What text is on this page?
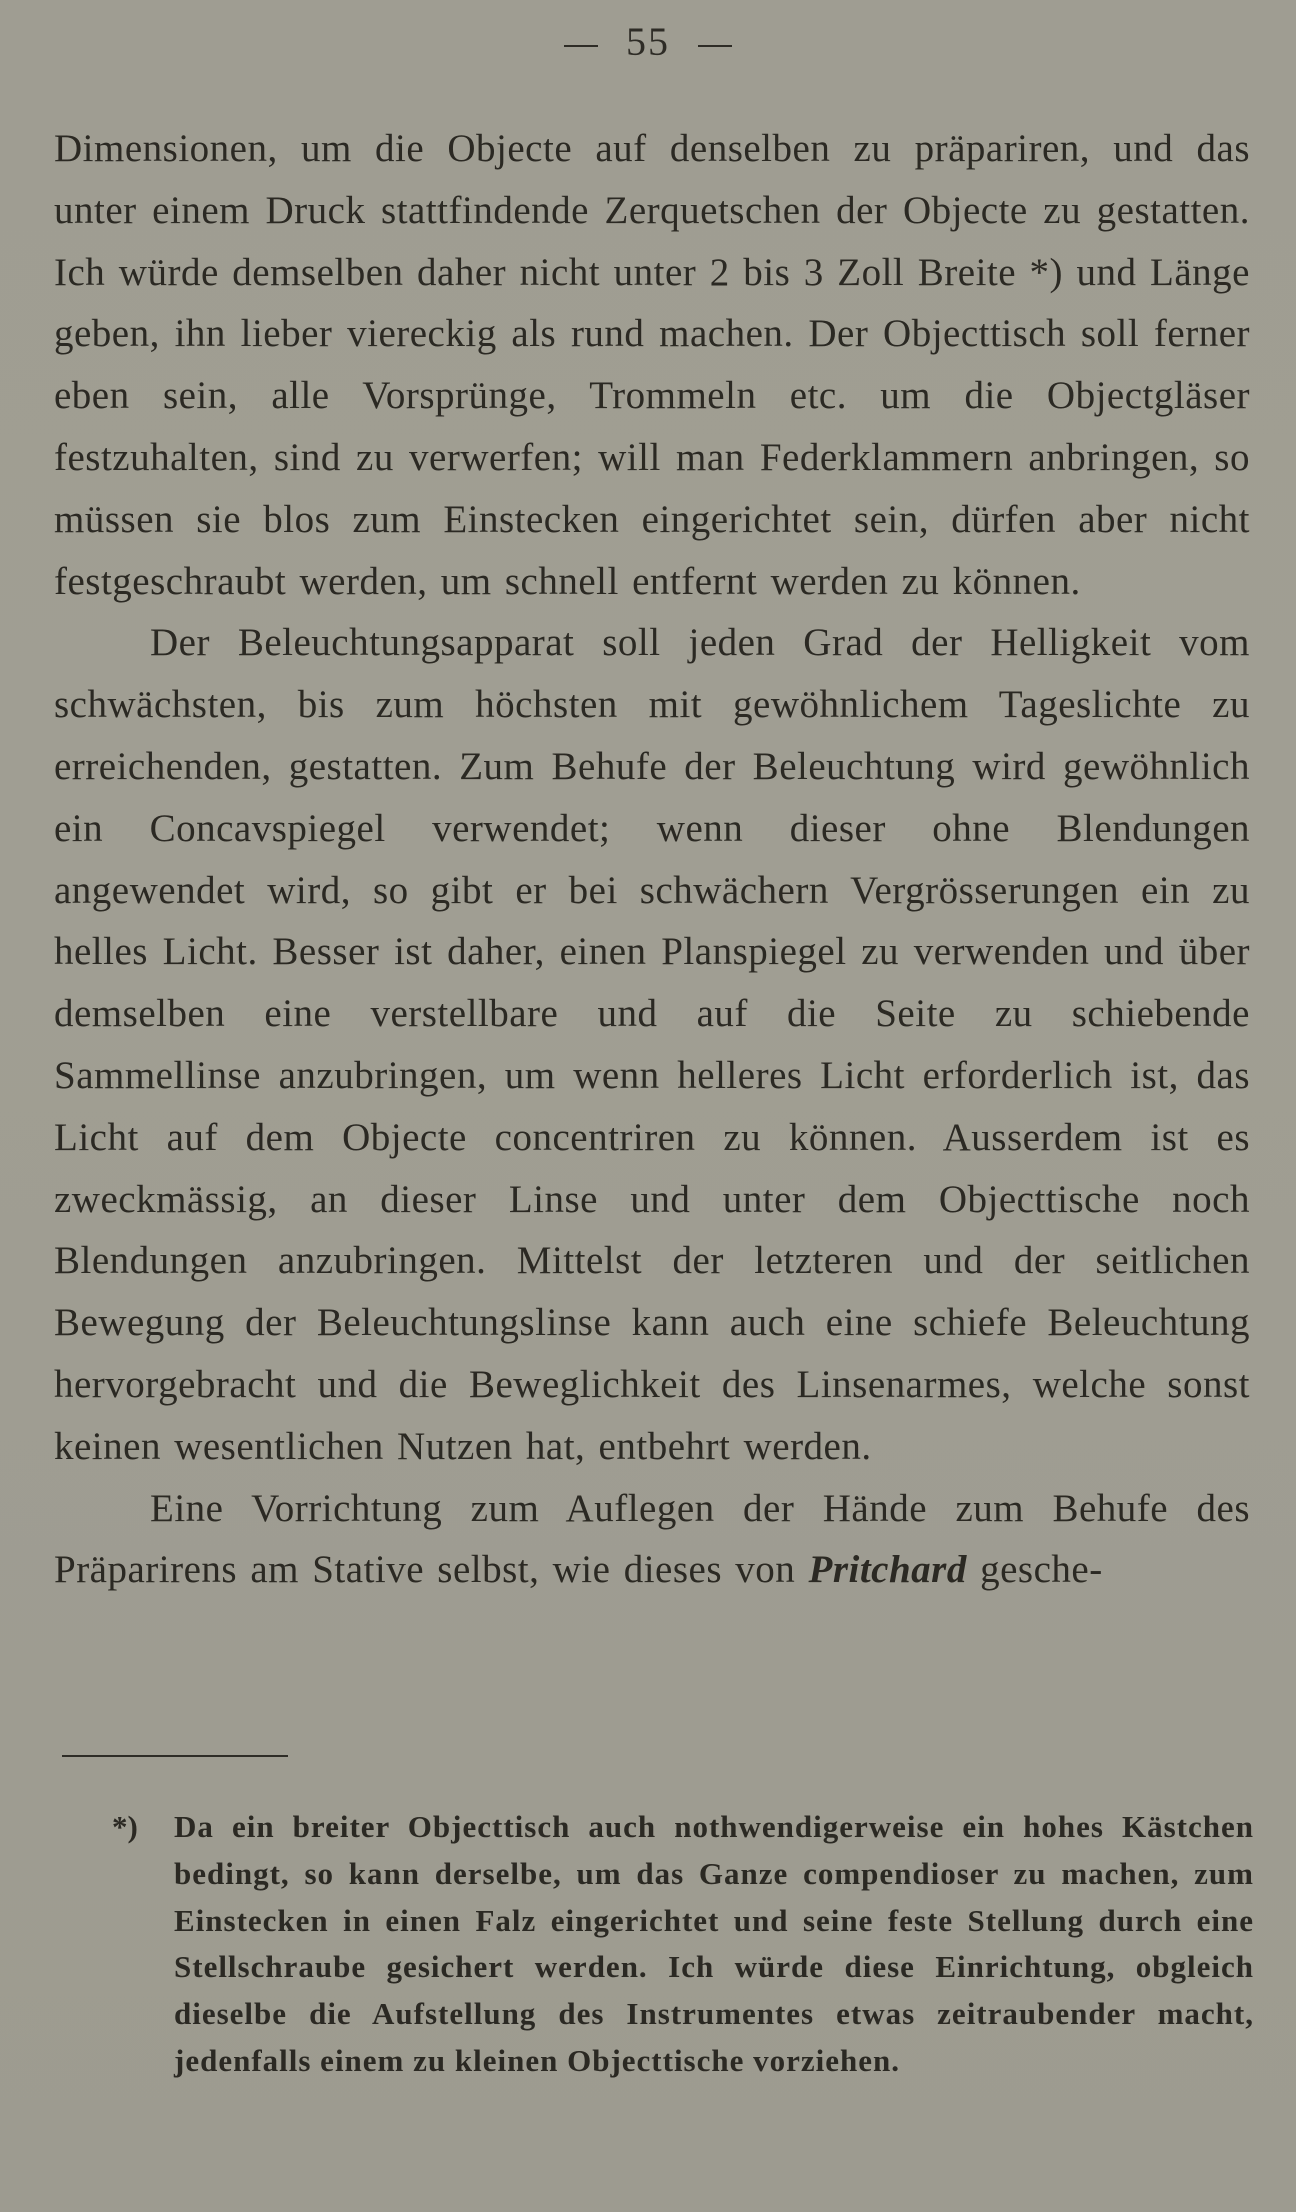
55

Dimensionen, um die Objecte auf denselben zu präpariren, und das unter einem Druck stattfindende Zerquetschen der Objecte zu gestatten. Ich würde demselben daher nicht unter 2 bis 3 Zoll Breite *) und Länge geben, ihn lieber viereckig als rund machen. Der Objecttisch soll ferner eben sein, alle Vorsprünge, Trommeln etc. um die Objectgläser festzuhalten, sind zu verwerfen; will man Federklammern anbringen, so müssen sie blos zum Einstecken eingerichtet sein, dürfen aber nicht festgeschraubt werden, um schnell entfernt werden zu können.

Der Beleuchtungsapparat soll jeden Grad der Helligkeit vom schwächsten, bis zum höchsten mit gewöhnlichem Tageslichte zu erreichenden, gestatten. Zum Behufe der Beleuchtung wird gewöhnlich ein Concavspiegel verwendet; wenn dieser ohne Blendungen angewendet wird, so gibt er bei schwächern Vergrösserungen ein zu helles Licht. Besser ist daher, einen Planspiegel zu verwenden und über demselben eine verstellbare und auf die Seite zu schiebende Sammellinse anzubringen, um wenn helleres Licht erforderlich ist, das Licht auf dem Objecte concentriren zu können. Ausserdem ist es zweckmässig, an dieser Linse und unter dem Objecttische noch Blendungen anzubringen. Mittelst der letzteren und der seitlichen Bewegung der Beleuchtungslinse kann auch eine schiefe Beleuchtung hervorgebracht und die Beweglichkeit des Linsenarmes, welche sonst keinen wesentlichen Nutzen hat, entbehrt werden.

Eine Vorrichtung zum Auflegen der Hände zum Behufe des Präparirens am Stative selbst, wie dieses von Pritchard gesche-

*) Da ein breiter Objecttisch auch nothwendigerweise ein hohes Kästchen bedingt, so kann derselbe, um das Ganze compendioser zu machen, zum Einstecken in einen Falz eingerichtet und seine feste Stellung durch eine Stellschraube gesichert werden. Ich würde diese Einrichtung, obgleich dieselbe die Aufstellung des Instrumentes etwas zeitraubender macht, jedenfalls einem zu kleinen Objecttische vorziehen.
